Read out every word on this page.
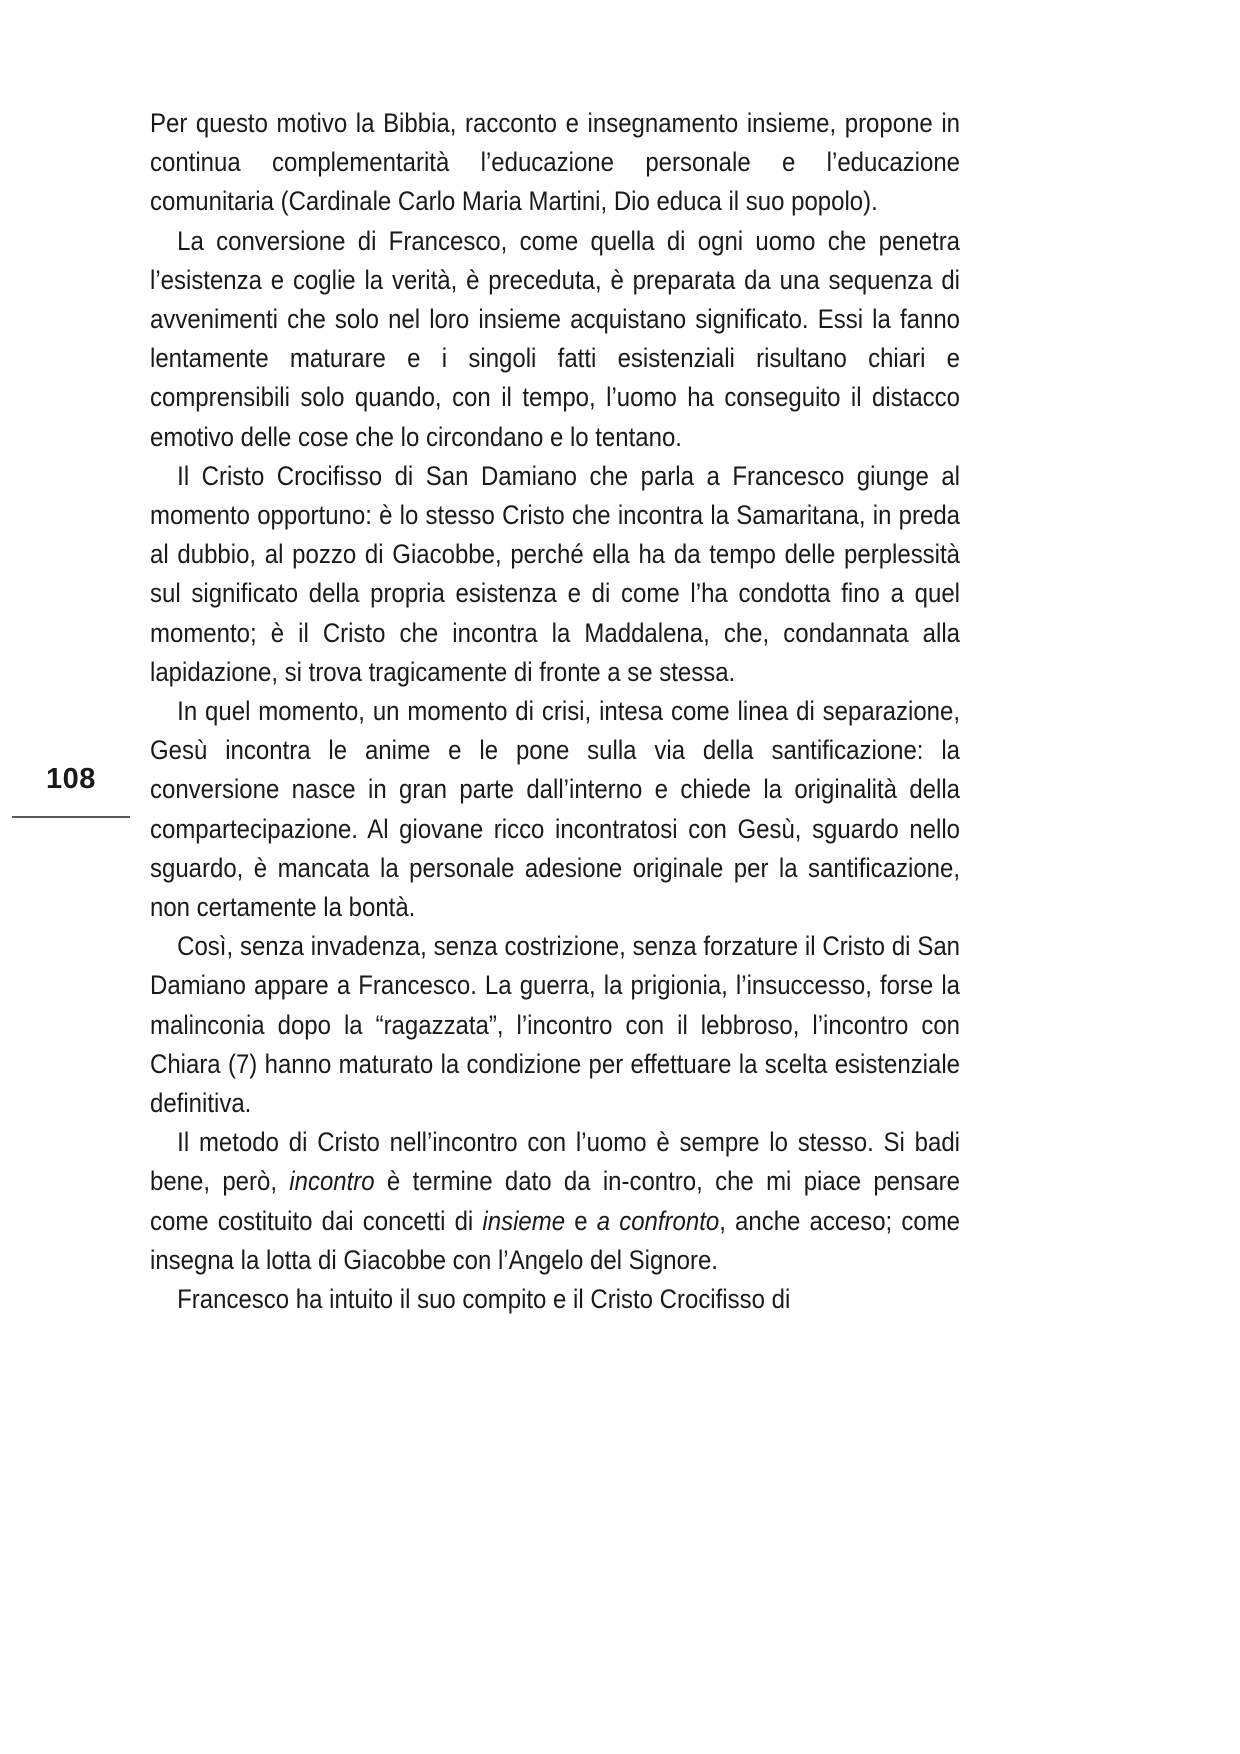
108

Per questo motivo la Bibbia, racconto e insegnamento insieme, propone in continua complementarità l’educazione personale e l’educazione comunitaria (Cardinale Carlo Maria Martini, Dio educa il suo popolo).

La conversione di Francesco, come quella di ogni uomo che penetra l’esistenza e coglie la verità, è preceduta, è preparata da una sequenza di avvenimenti che solo nel loro insieme acquistano significato. Essi la fanno lentamente maturare e i singoli fatti esistenziali risultano chiari e comprensibili solo quando, con il tempo, l’uomo ha conseguito il distacco emotivo delle cose che lo circondano e lo tentano.

Il Cristo Crocifisso di San Damiano che parla a Francesco giunge al momento opportuno: è lo stesso Cristo che incontra la Samaritana, in preda al dubbio, al pozzo di Giacobbe, perché ella ha da tempo delle perplessità sul significato della propria esistenza e di come l’ha condotta fino a quel momento; è il Cristo che incontra la Maddalena, che, condannata alla lapidazione, si trova tragicamente di fronte a se stessa.

In quel momento, un momento di crisi, intesa come linea di separazione, Gesù incontra le anime e le pone sulla via della santificazione: la conversione nasce in gran parte dall’interno e chiede la originalità della compartecipazione. Al giovane ricco incontratosi con Gesù, sguardo nello sguardo, è mancata la personale adesione originale per la santificazione, non certamente la bontà.

Così, senza invadenza, senza costrizione, senza forzature il Cristo di San Damiano appare a Francesco. La guerra, la prigionia, l’insuccesso, forse la malinconia dopo la “ragazzata”, l’incontro con il lebbroso, l’incontro con Chiara (7) hanno maturato la condizione per effettuare la scelta esistenziale definitiva.

Il metodo di Cristo nell’incontro con l’uomo è sempre lo stesso. Si badi bene, però, incontro è termine dato da in-contro, che mi piace pensare come costituito dai concetti di insieme e a confronto, anche acceso; come insegna la lotta di Giacobbe con l’Angelo del Signore.

Francesco ha intuito il suo compito e il Cristo Crocifisso di
